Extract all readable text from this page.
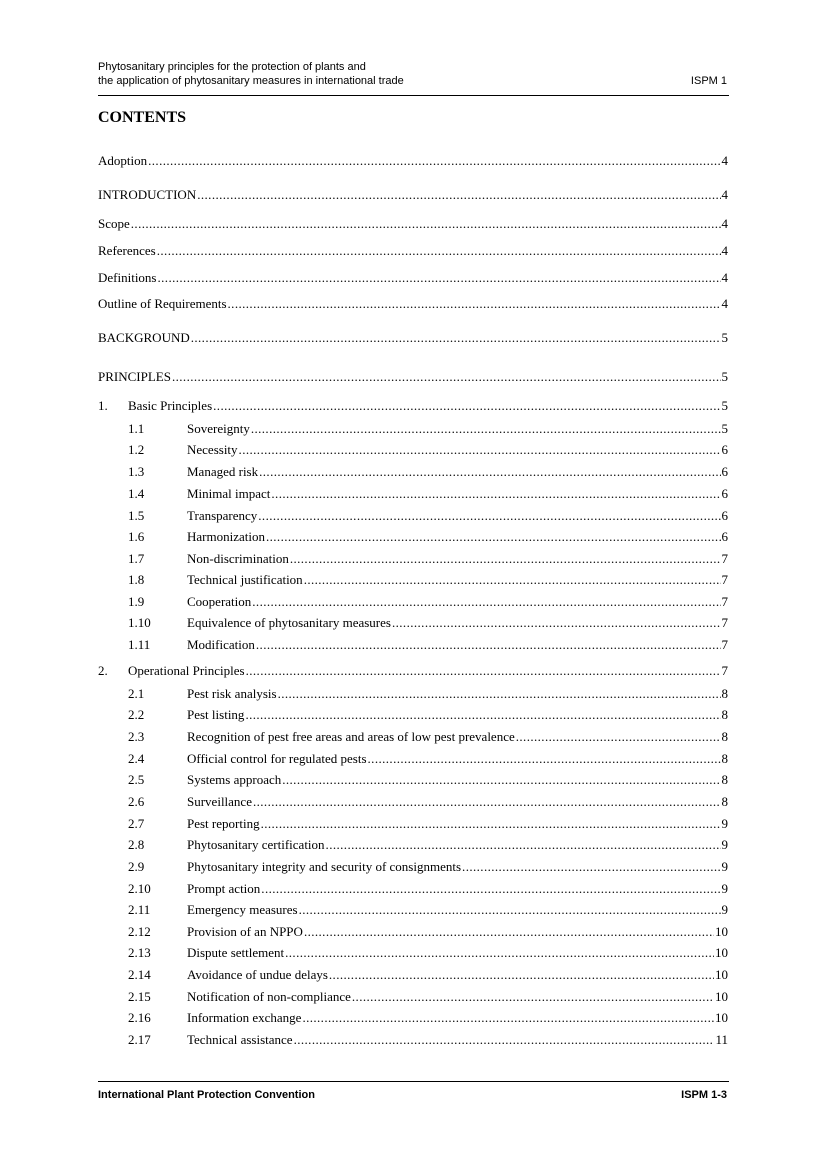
Phytosanitary principles for the protection of plants and
the application of phytosanitary measures in international trade	ISPM 1
CONTENTS
Adoption .....	4
INTRODUCTION .....	4
Scope .....	4
References .....	4
Definitions .....	4
Outline of Requirements .....	4
BACKGROUND .....	5
PRINCIPLES .....	5
1.	Basic Principles .....	5
1.1	Sovereignty .....	5
1.2	Necessity .....	6
1.3	Managed risk .....	6
1.4	Minimal impact .....	6
1.5	Transparency .....	6
1.6	Harmonization .....	6
1.7	Non-discrimination .....	7
1.8	Technical justification .....	7
1.9	Cooperation .....	7
1.10	Equivalence of phytosanitary measures .....	7
1.11	Modification .....	7
2.	Operational Principles .....	7
2.1	Pest risk analysis .....	8
2.2	Pest listing .....	8
2.3	Recognition of pest free areas and areas of low pest prevalence .....	8
2.4	Official control for regulated pests .....	8
2.5	Systems approach .....	8
2.6	Surveillance .....	8
2.7	Pest reporting .....	9
2.8	Phytosanitary certification .....	9
2.9	Phytosanitary integrity and security of consignments .....	9
2.10	Prompt action .....	9
2.11	Emergency measures .....	9
2.12	Provision of an NPPO .....	10
2.13	Dispute settlement .....	10
2.14	Avoidance of undue delays .....	10
2.15	Notification of non-compliance .....	10
2.16	Information exchange .....	10
2.17	Technical assistance .....	11
International Plant Protection Convention	ISPM 1-3
